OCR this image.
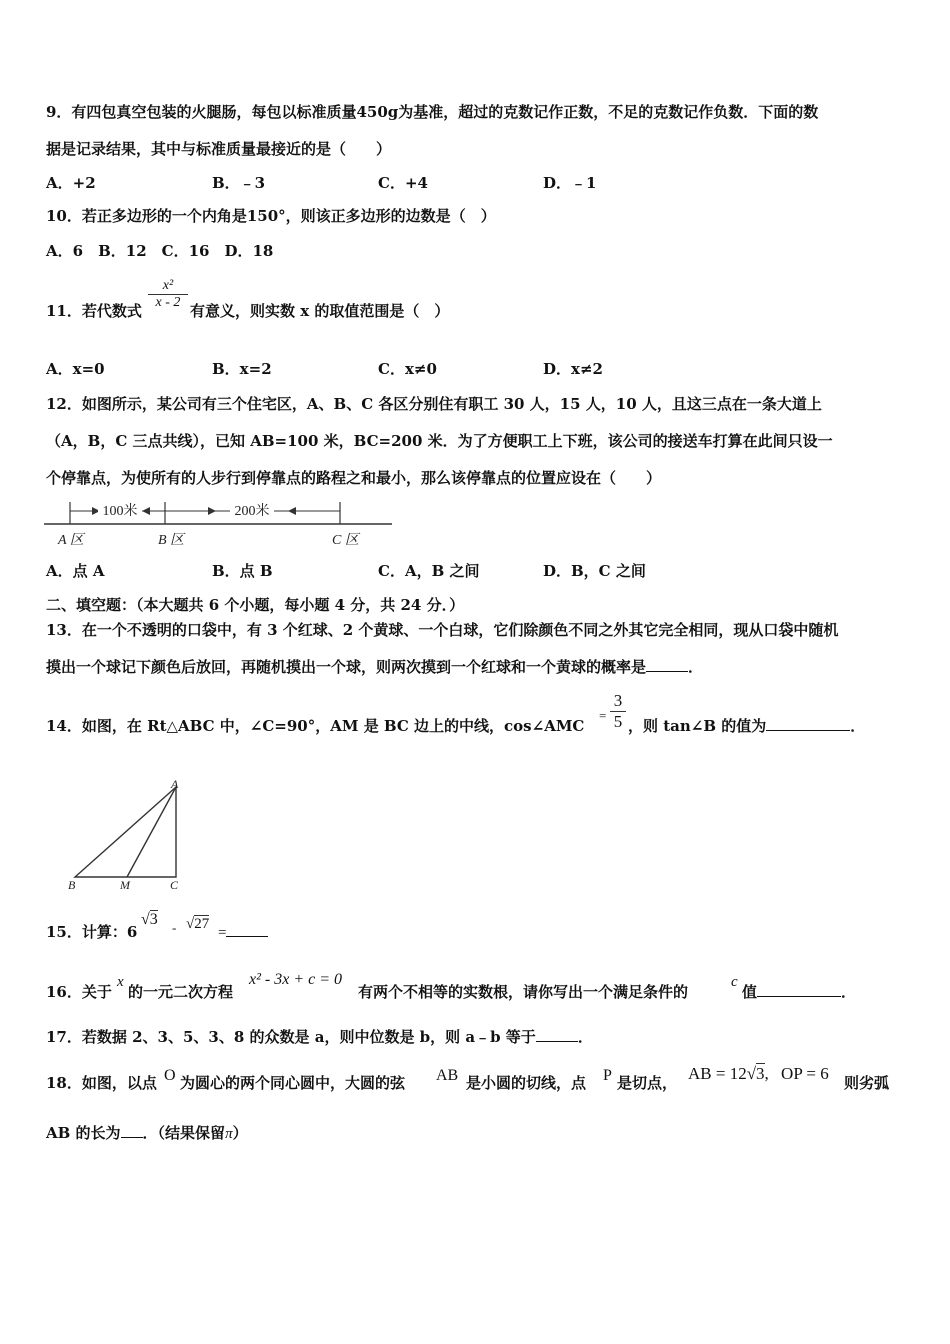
9．有四包真空包装的火腿肠，每包以标准质量450g为基准，超过的克数记作正数，不足的克数记作负数．下面的数
据是记录结果，其中与标准质量最接近的是（　　）
A．+2	B．﹣3	C．+4	D．﹣1
10．若正多边形的一个内角是150°，则该正多边形的边数是（　）
A．6　B．12　C．16　D．18
11．若代数式 $\frac{\text{x²}}{x - 2}$ 有意义，则实数 x 的取值范围是（　）
A．x=0	B．x=2	C．x≠0	D．x≠2
12．如图所示，某公司有三个住宅区，A、B、C 各区分别住有职工 30 人，15 人，10 人，且这三点在一条大道上
（A，B，C 三点共线），已知 AB=100 米，BC=200 米．为了方便职工上下班，该公司的接送车打算在此间只设一
个停靠点，为使所有的人步行到停靠点的路程之和最小，那么该停靠点的位置应设在（　　）
100米	200米
A 区	B 区	C 区
A．点 A	B．点 B	C．A，B 之间	D．B，C 之间
二、填空题：（本大题共 6 个小题，每小题 4 分，共 24 分．）
13．在一个不透明的口袋中，有 3 个红球、2 个黄球、一个白球，它们除颜色不同之外其它完全相同，现从口袋中随机
摸出一个球记下颜色后放回，再随机摸出一个球，则两次摸到一个红球和一个黄球的概率是	．
14．如图，在 Rt△ABC 中，∠C=90°，AM 是 BC 边上的中线，cos∠AMC
= $\frac{3}{5}$ ，则 tan∠B 的值为	．
A
B	M	C
15．计算：6
√3 - √27
=
16．关于
x
的一元二次方程
x² - 3x + c = 0
有两个不相等的实数根，请你写出一个满足条件的
c
值	．
17．若数据 2、3、5、3、8 的众数是 a，则中位数是 b，则 a﹣b 等于	．
18．如图，以点 O 为圆心的两个同心圆中，大圆的弦 AB 是小圆的切线，点 P 是切点， AB = 12√3, OP = 6 则劣弧
AB 的长为 ．（结果保留π）
